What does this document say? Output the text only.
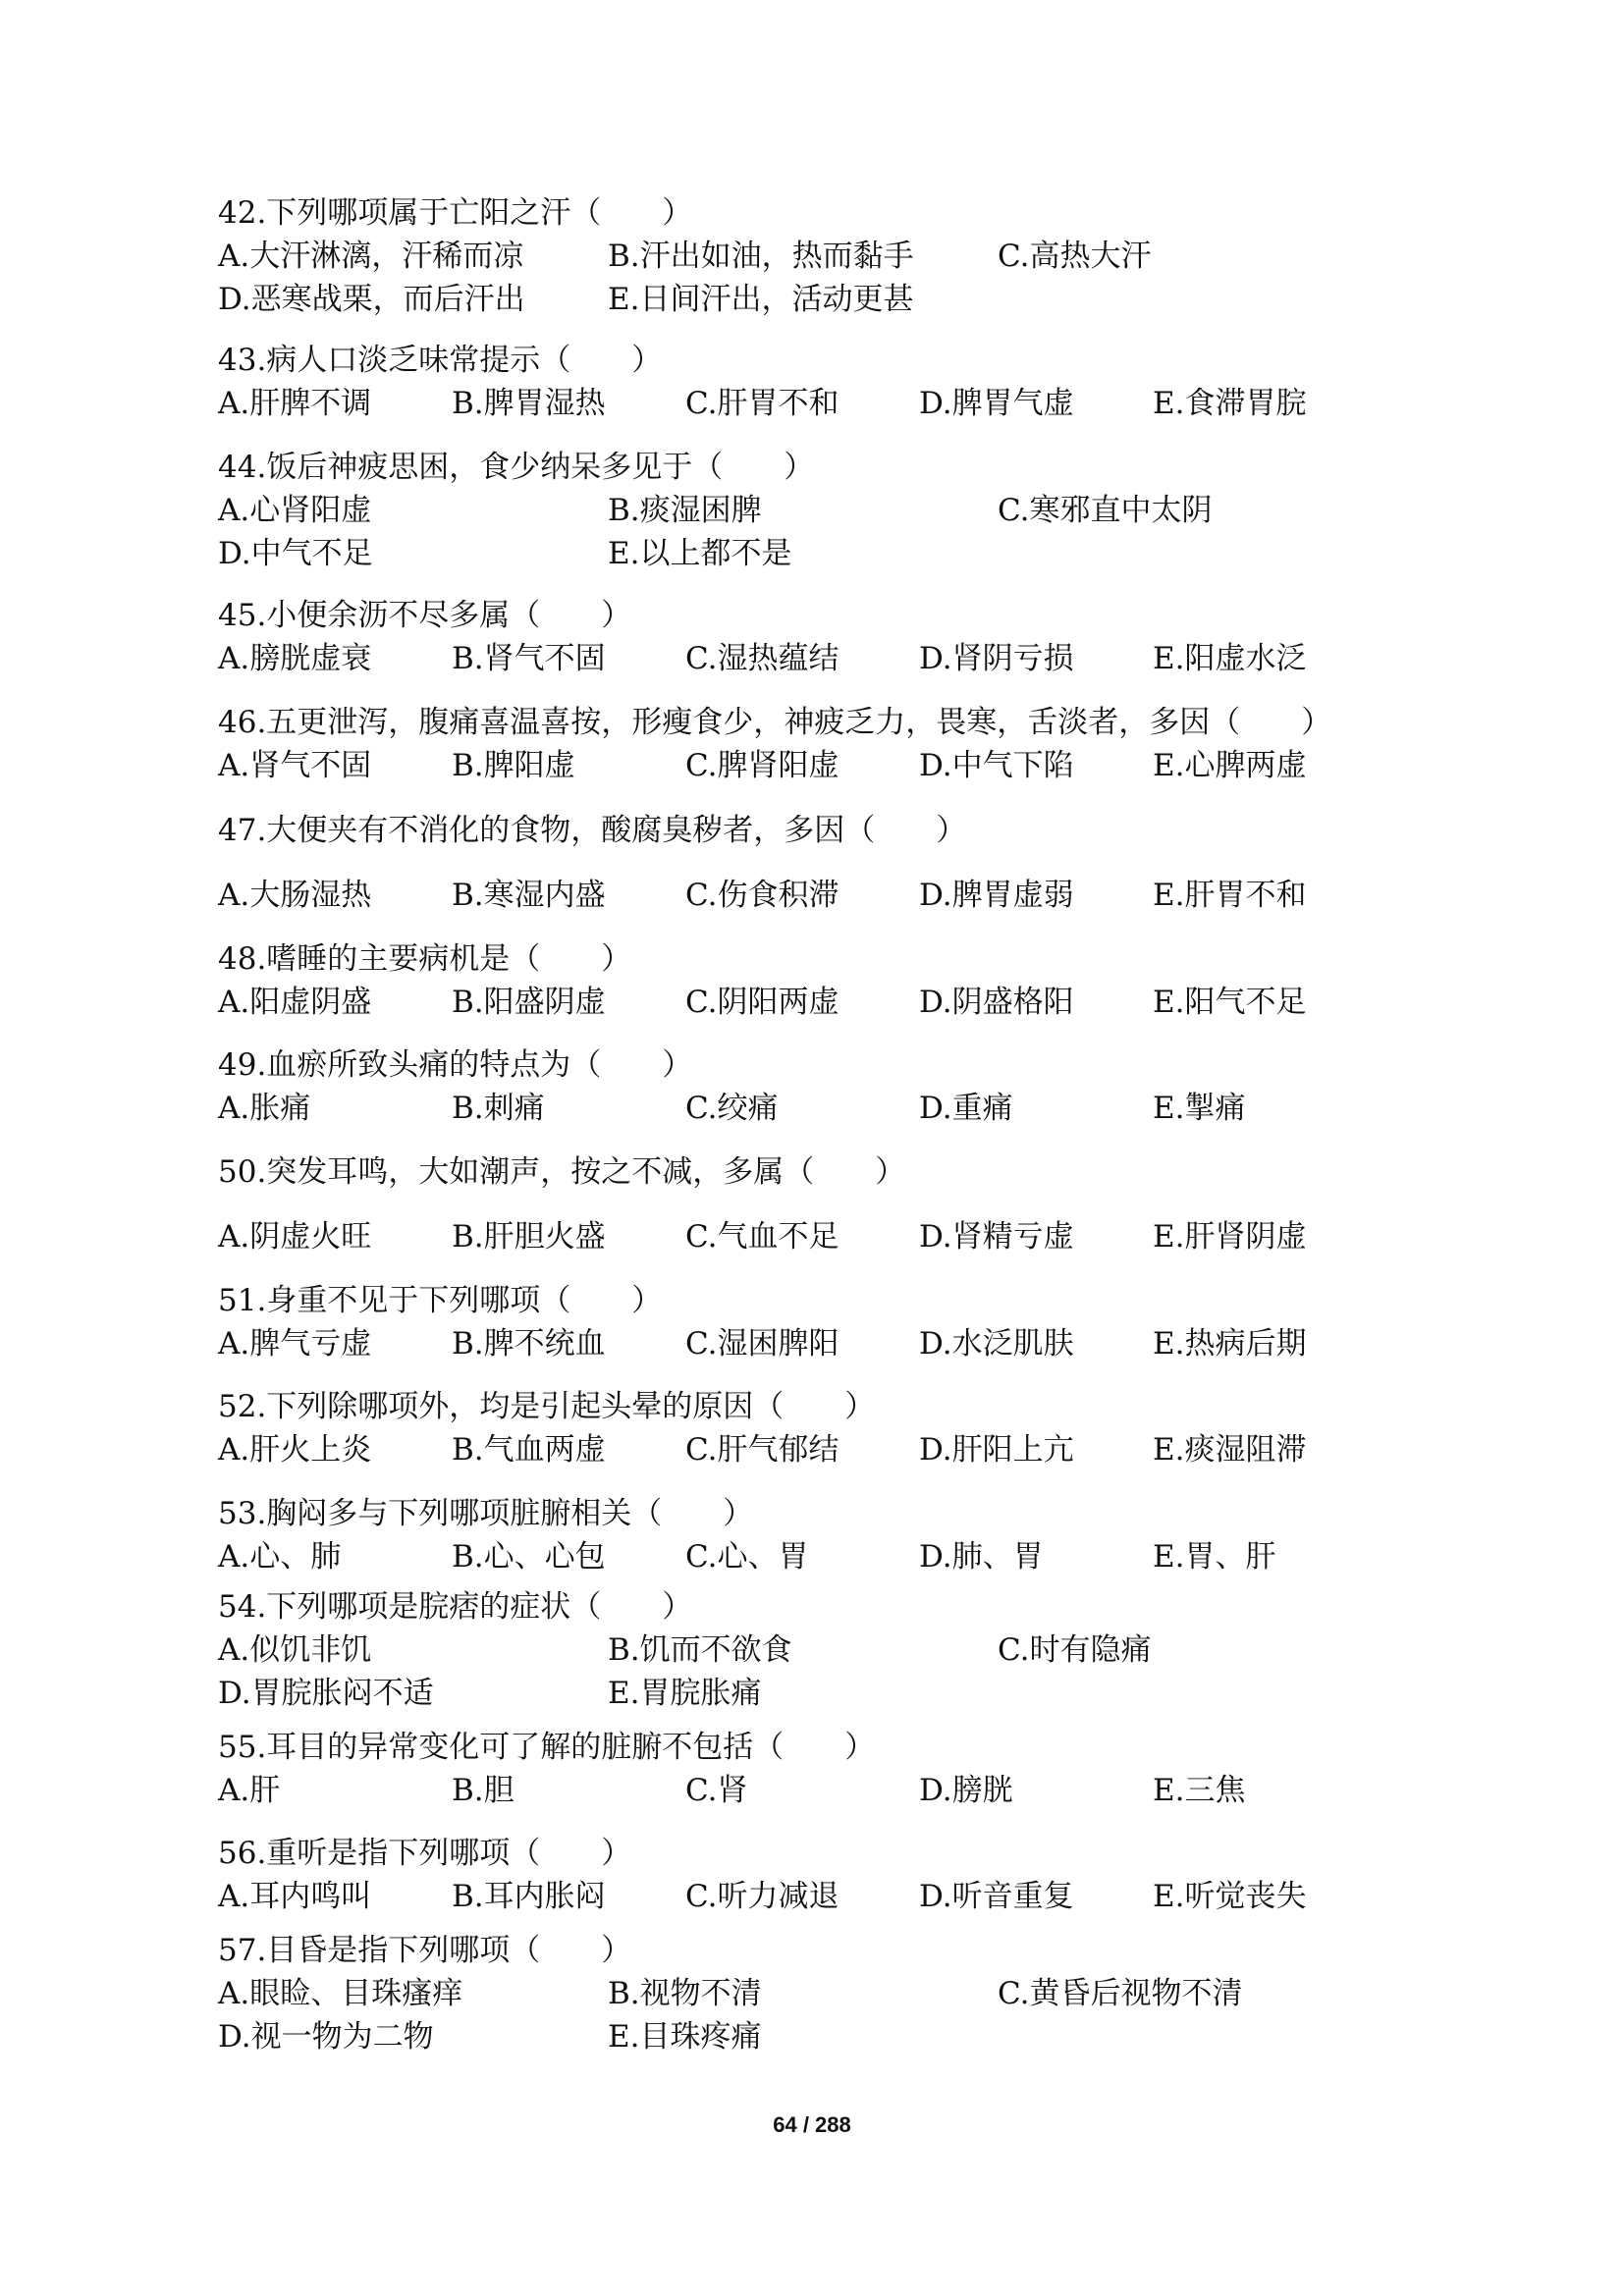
42.下列哪项属于亡阳之汗（　　）
A.大汗淋漓，汗稀而凉	B.汗出如油，热而黏手	C.高热大汗
D.恶寒战栗，而后汗出	E.日间汗出，活动更甚
43.病人口淡乏味常提示（　　）
A.肝脾不调	B.脾胃湿热	C.肝胃不和	D.脾胃气虚	E.食滞胃脘
44.饭后神疲思困，食少纳呆多见于（　　）
A.心肾阳虚	B.痰湿困脾	C.寒邪直中太阴
D.中气不足	E.以上都不是
45.小便余沥不尽多属（　　）
A.膀胱虚衰	B.肾气不固	C.湿热蕴结	D.肾阴亏损	E.阳虚水泛
46.五更泄泻，腹痛喜温喜按，形瘦食少，神疲乏力，畏寒，舌淡者，多因（　　）
A.肾气不固	B.脾阳虚	C.脾肾阳虚	D.中气下陷	E.心脾两虚
47.大便夹有不消化的食物，酸腐臭秽者，多因（　　）
A.大肠湿热	B.寒湿内盛	C.伤食积滞	D.脾胃虚弱	E.肝胃不和
48.嗜睡的主要病机是（　　）
A.阳虚阴盛	B.阳盛阴虚	C.阴阳两虚	D.阴盛格阳	E.阳气不足
49.血瘀所致头痛的特点为（　　）
A.胀痛	B.刺痛	C.绞痛	D.重痛	E.掣痛
50.突发耳鸣，大如潮声，按之不减，多属（　　）
A.阴虚火旺	B.肝胆火盛	C.气血不足	D.肾精亏虚	E.肝肾阴虚
51.身重不见于下列哪项（　　）
A.脾气亏虚	B.脾不统血	C.湿困脾阳	D.水泛肌肤	E.热病后期
52.下列除哪项外，均是引起头晕的原因（　　）
A.肝火上炎	B.气血两虚	C.肝气郁结	D.肝阳上亢	E.痰湿阻滞
53.胸闷多与下列哪项脏腑相关（　　）
A.心、肺	B.心、心包	C.心、胃	D.肺、胃	E.胃、肝
54.下列哪项是脘痞的症状（　　）
A.似饥非饥	B.饥而不欲食	C.时有隐痛
D.胃脘胀闷不适	E.胃脘胀痛
55.耳目的异常变化可了解的脏腑不包括（　　）
A.肝	B.胆	C.肾	D.膀胱	E.三焦
56.重听是指下列哪项（　　）
A.耳内鸣叫	B.耳内胀闷	C.听力减退	D.听音重复	E.听觉丧失
57.目昏是指下列哪项（　　）
A.眼睑、目珠瘙痒	B.视物不清	C.黄昏后视物不清
D.视一物为二物	E.目珠疼痛
64 / 288
